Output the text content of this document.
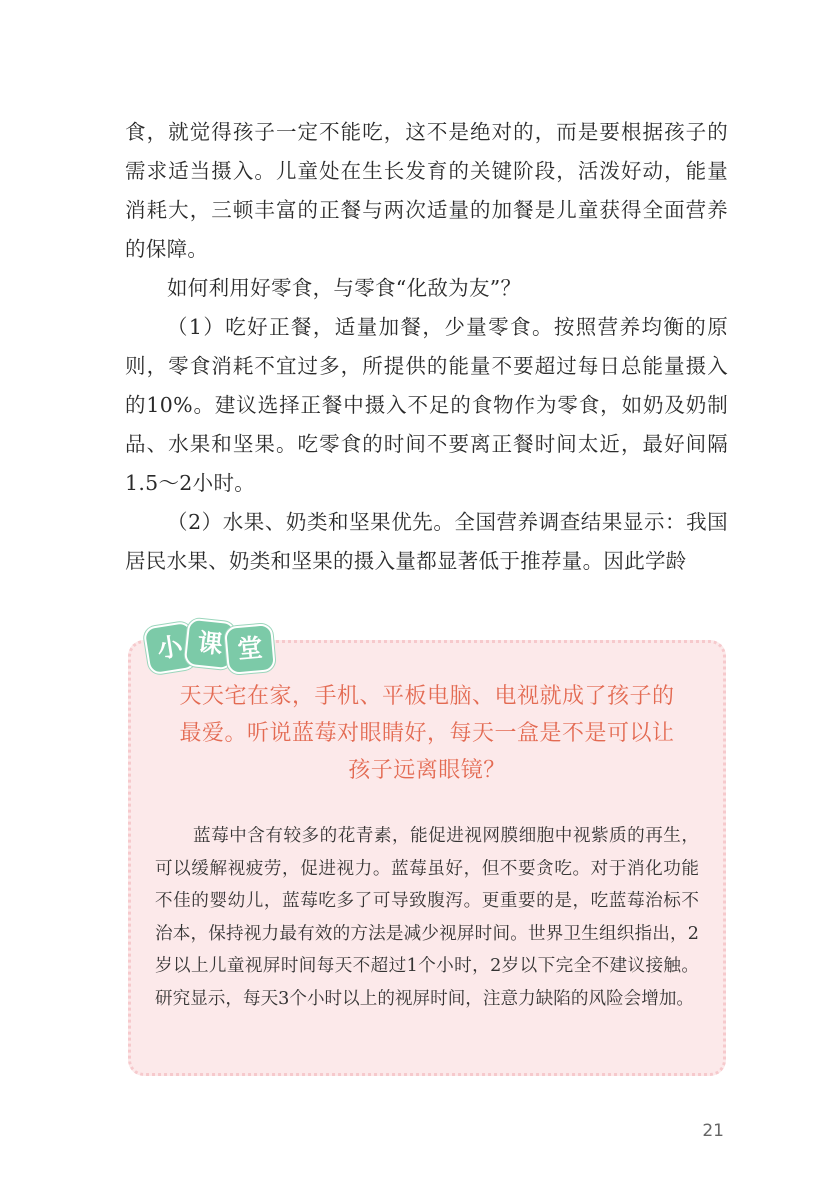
食，就觉得孩子一定不能吃，这不是绝对的，而是要根据孩子的需求适当摄入。儿童处在生长发育的关键阶段，活泼好动，能量消耗大，三顿丰富的正餐与两次适量的加餐是儿童获得全面营养的保障。

如何利用好零食，与零食“化敌为友”？

（1）吃好正餐，适量加餐，少量零食。按照营养均衡的原则，零食消耗不宜过多，所提供的能量不要超过每日总能量摄入的10%。建议选择正餐中摄入不足的食物作为零食，如奶及奶制品、水果和坚果。吃零食的时间不要离正餐时间太近，最好间隔1.5～2小时。

（2）水果、奶类和坚果优先。全国营养调查结果显示：我国居民水果、奶类和坚果的摄入量都显著低于推荐量。因此学龄

小 课 堂
天天宅在家，手机、平板电脑、电视就成了孩子的
最爱。听说蓝莓对眼睛好，每天一盒是不是可以让
孩子远离眼镜？
蓝莓中含有较多的花青素，能促进视网膜细胞中视紫质的再生，可以缓解视疲劳，促进视力。蓝莓虽好，但不要贪吃。对于消化功能不佳的婴幼儿，蓝莓吃多了可导致腹泻。更重要的是，吃蓝莓治标不治本，保持视力最有效的方法是减少视屏时间。世界卫生组织指出，2岁以上儿童视屏时间每天不超过1个小时，2岁以下完全不建议接触。研究显示，每天3个小时以上的视屏时间，注意力缺陷的风险会增加。
21
